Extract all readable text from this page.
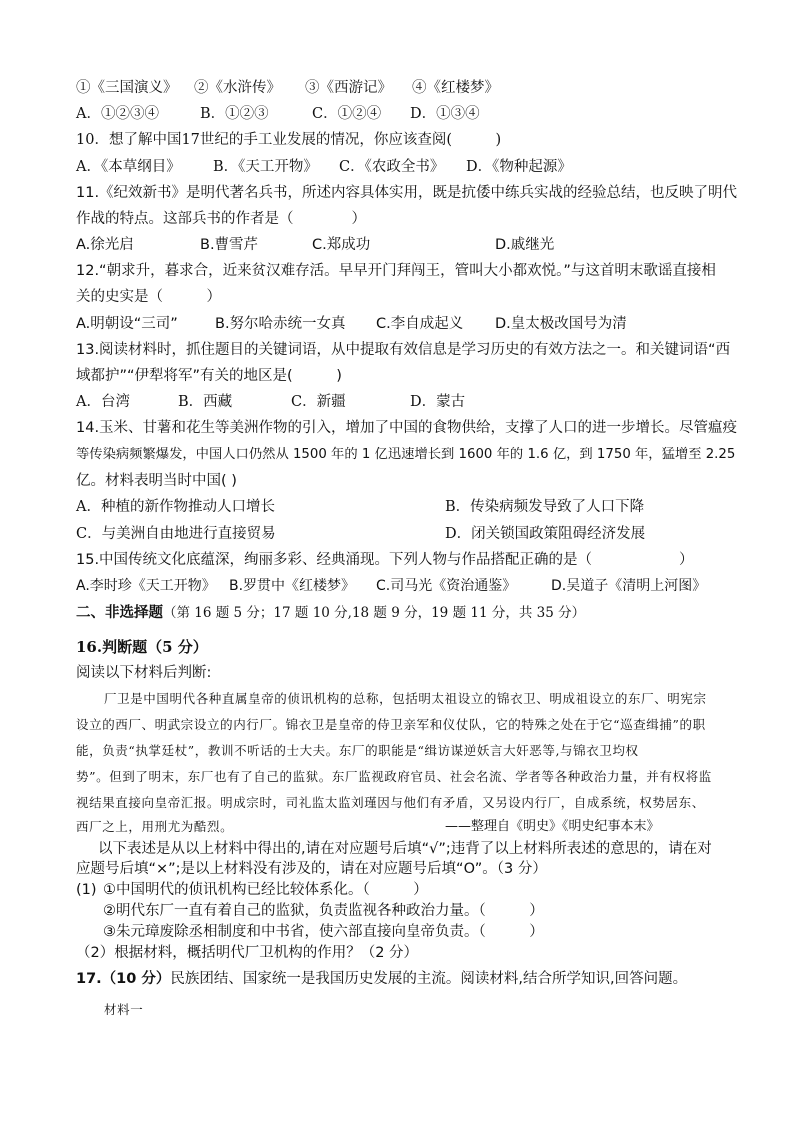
①《三国演义》 ②《水浒传》 ③《西游记》 ④《红楼梦》
A．①②③④	B．①②③	C．①②④ D．①③④
10．想了解中国17世纪的手工业发展的情况，你应该查阅(　　　)
A．《本草纲目》 B．《天工开物》 C．《农政全书》 D．《物种起源》
11.《纪效新书》是明代著名兵书，所述内容具体实用，既是抗倭中练兵实战的经验总结，也反映了明代
作战的特点。这部兵书的作者是（　　　　）
A.徐光启	B.曹雪芹	C.郑成功	D.戚继光
12.“朝求升，暮求合，近来贫汉难存活。早早开门拜闯王，管叫大小都欢悦。”与这首明末歌谣直接相
关的史实是（　　　）
A.明朝设“三司”	B.努尔哈赤统一女真 C.李自成起义 D.皇太极改国号为清
13.阅读材料时，抓住题目的关键词语，从中提取有效信息是学习历史的有效方法之一。和关键词语“西
域都护”“伊犁将军”有关的地区是(　　　)
A．台湾	B．西藏	C．新疆	D．蒙古
14.玉米、甘薯和花生等美洲作物的引入，增加了中国的食物供给，支撑了人口的进一步增长。尽管瘟疫
等传染病频繁爆发，中国人口仍然从 1500 年的 1 亿迅速增长到 1600 年的 1.6 亿，到 1750 年，猛增至 2.25
亿。材料表明当时中国( )
A．种植的新作物推动人口增长	B．传染病频发导致了人口下降
C．与美洲自由地进行直接贸易	D．闭关锁国政策阻碍经济发展
15.中国传统文化底蕴深，绚丽多彩、经典涌现。下列人物与作品搭配正确的是（　　　　　　）
A.李时珍《天工开物》 B.罗贯中《红楼梦》 C.司马光《资治通鉴》 D.吴道子《清明上河图》
二、非选择题（第 16 题 5 分；17 题 10 分,18 题 9 分，19 题 11 分，共 35 分）
16.判断题（5 分）
阅读以下材料后判断:
厂卫是中国明代各种直属皇帝的侦讯机构的总称，包括明太祖设立的锦衣卫、明成祖设立的东厂、明宪宗
设立的西厂、明武宗设立的内行厂。锦衣卫是皇帝的侍卫亲军和仪仗队，它的特殊之处在于它“巡查缉捕”的职
能，负责“执掌廷杖”，教训不听话的士大夫。东厂的职能是“缉访谋逆妖言大奸恶等,与锦衣卫均权
势”。但到了明末，东厂也有了自己的监狱。东厂监视政府官员、社会名流、学者等各种政治力量，并有权将监
——整理自《明史》《明史纪事本末》
以下表述是从以上材料中得出的,请在对应题号后填“√”;违背了以上材料所表述的意思的，请在对
应题号后填“×”;是以上材料没有涉及的，请在对应题号后填“O”。（3 分）
(1) ①中国明代的侦讯机构已经比较体系化。（　　　）
②明代东厂一直有着自己的监狱，负责监视各种政治力量。（　　　）
③朱元璋废除丞相制度和中书省，使六部直接向皇帝负责。（　　　）
（2）根据材料，概括明代厂卫机构的作用？（2 分）
17.（10 分）民族团结、国家统一是我国历史发展的主流。阅读材料,结合所学知识,回答问题。
材料一
视结果直接向皇帝汇报。明成宗时，司礼监太监刘瑾因与他们有矛盾，又另设内行厂，自成系统，权势居东、
西厂之上，用刑尤为酷烈。
